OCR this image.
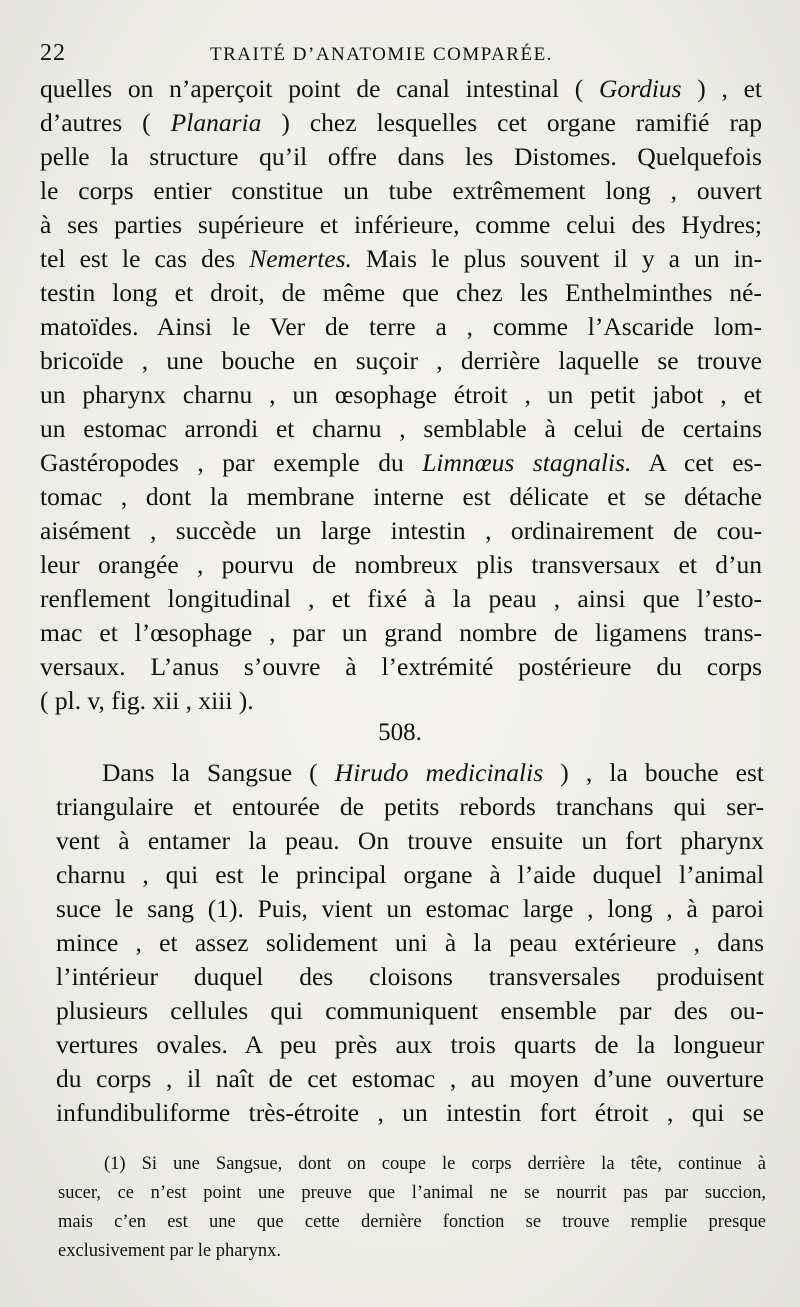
22	TRAITÉ D’ANATOMIE COMPARÉE.
quelles on n’aperçoit point de canal intestinal ( Gordius ) , et
d’autres ( Planaria ) chez lesquelles cet organe ramifié rap
pelle la structure qu’il offre dans les Distomes. Quelquefois
le corps entier constitue un tube extrêmement long , ouvert
à ses parties supérieure et inférieure, comme celui des Hydres;
tel est le cas des Nemertes. Mais le plus souvent il y a un in-
testin long et droit, de même que chez les Enthelminthes né-
matoïdes. Ainsi le Ver de terre a , comme l’Ascaride lom-
bricoïde , une bouche en suçoir , derrière laquelle se trouve
un pharynx charnu , un œsophage étroit , un petit jabot , et
un estomac arrondi et charnu , semblable à celui de certains
Gastéropodes , par exemple du Limnœus stagnalis. A cet es-
tomac , dont la membrane interne est délicate et se détache
aisément , succède un large intestin , ordinairement de cou-
leur orangée , pourvu de nombreux plis transversaux et d’un
renflement longitudinal , et fixé à la peau , ainsi que l’esto-
mac et l’œsophage , par un grand nombre de ligamens trans-
versaux. L’anus s’ouvre à l’extrémité postérieure du corps
( pl. v, fig. xii , xiii ).
508.
Dans la Sangsue ( Hirudo medicinalis ) , la bouche est
triangulaire et entourée de petits rebords tranchans qui ser-
vent à entamer la peau. On trouve ensuite un fort pharynx
charnu , qui est le principal organe à l’aide duquel l’animal
suce le sang (1). Puis, vient un estomac large , long , à paroi
mince , et assez solidement uni à la peau extérieure , dans
l’intérieur duquel des cloisons transversales produisent
plusieurs cellules qui communiquent ensemble par des ou-
vertures ovales. A peu près aux trois quarts de la longueur
du corps , il naît de cet estomac , au moyen d’une ouverture
infundibuliforme très-étroite , un intestin fort étroit , qui se
(1) Si une Sangsue, dont on coupe le corps derrière la tête, continue à
sucer, ce n’est point une preuve que l’animal ne se nourrit pas par succion,
mais c’en est une que cette dernière fonction se trouve remplie presque
exclusivement par le pharynx.
